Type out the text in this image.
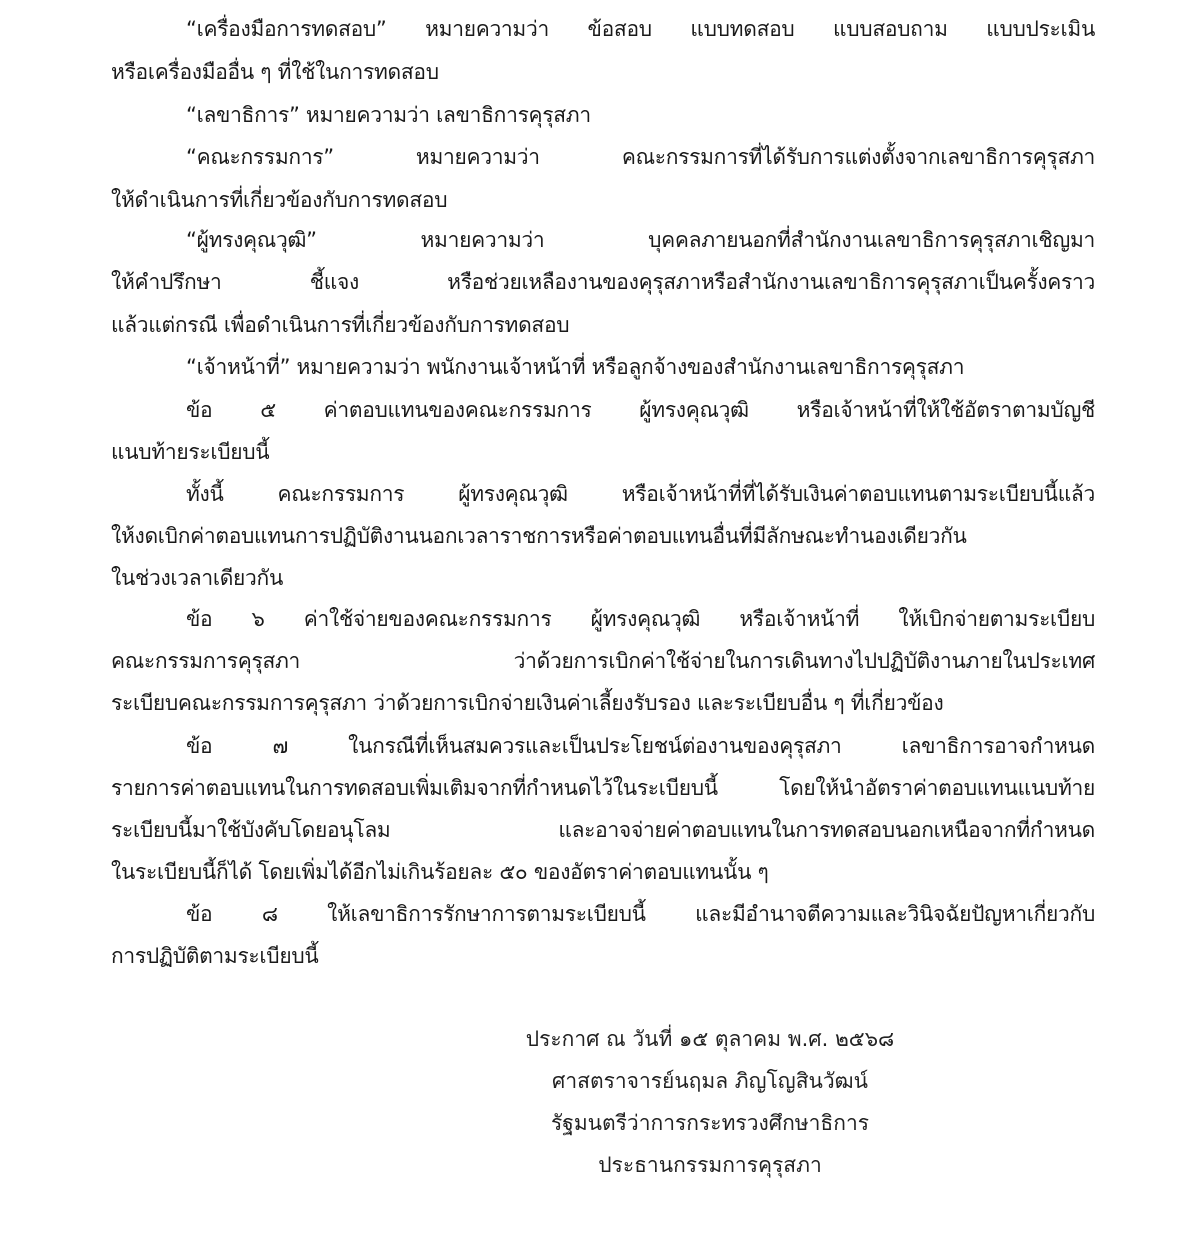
“เครื่องมือการทดสอบ” หมายความว่า ข้อสอบ แบบทดสอบ แบบสอบถาม แบบประเมิน
หรือเครื่องมืออื่น ๆ ที่ใช้ในการทดสอบ
“เลขาธิการ” หมายความว่า เลขาธิการคุรุสภา
“คณะกรรมการ” หมายความว่า คณะกรรมการที่ได้รับการแต่งตั้งจากเลขาธิการคุรุสภา
ให้ดำเนินการที่เกี่ยวข้องกับการทดสอบ
“ผู้ทรงคุณวุฒิ” หมายความว่า บุคคลภายนอกที่สำนักงานเลขาธิการคุรุสภาเชิญมา
ให้คำปรึกษา ชี้แจง หรือช่วยเหลืองานของคุรุสภาหรือสำนักงานเลขาธิการคุรุสภาเป็นครั้งคราว
แล้วแต่กรณี เพื่อดำเนินการที่เกี่ยวข้องกับการทดสอบ
“เจ้าหน้าที่” หมายความว่า พนักงานเจ้าหน้าที่ หรือลูกจ้างของสำนักงานเลขาธิการคุรุสภา
ข้อ ๕ ค่าตอบแทนของคณะกรรมการ ผู้ทรงคุณวุฒิ หรือเจ้าหน้าที่ให้ใช้อัตราตามบัญชี
แนบท้ายระเบียบนี้
ทั้งนี้ คณะกรรมการ ผู้ทรงคุณวุฒิ หรือเจ้าหน้าที่ที่ได้รับเงินค่าตอบแทนตามระเบียบนี้แล้ว
ให้งดเบิกค่าตอบแทนการปฏิบัติงานนอกเวลาราชการหรือค่าตอบแทนอื่นที่มีลักษณะทำนองเดียวกัน
ในช่วงเวลาเดียวกัน
ข้อ ๖ ค่าใช้จ่ายของคณะกรรมการ ผู้ทรงคุณวุฒิ หรือเจ้าหน้าที่ ให้เบิกจ่ายตามระเบียบ
คณะกรรมการคุรุสภา ว่าด้วยการเบิกค่าใช้จ่ายในการเดินทางไปปฏิบัติงานภายในประเทศ
ระเบียบคณะกรรมการคุรุสภา ว่าด้วยการเบิกจ่ายเงินค่าเลี้ยงรับรอง และระเบียบอื่น ๆ ที่เกี่ยวข้อง
ข้อ ๗ ในกรณีที่เห็นสมควรและเป็นประโยชน์ต่องานของคุรุสภา เลขาธิการอาจกำหนด
รายการค่าตอบแทนในการทดสอบเพิ่มเติมจากที่กำหนดไว้ในระเบียบนี้ โดยให้นำอัตราค่าตอบแทนแนบท้าย
ระเบียบนี้มาใช้บังคับโดยอนุโลม และอาจจ่ายค่าตอบแทนในการทดสอบนอกเหนือจากที่กำหนด
ในระเบียบนี้ก็ได้ โดยเพิ่มได้อีกไม่เกินร้อยละ ๕๐ ของอัตราค่าตอบแทนนั้น ๆ
ข้อ ๘ ให้เลขาธิการรักษาการตามระเบียบนี้ และมีอำนาจตีความและวินิจฉัยปัญหาเกี่ยวกับ
การปฏิบัติตามระเบียบนี้
ประกาศ ณ วันที่ ๑๕ ตุลาคม พ.ศ. ๒๕๖๘
ศาสตราจารย์นฤมล ภิญโญสินวัฒน์
รัฐมนตรีว่าการกระทรวงศึกษาธิการ
ประธานกรรมการคุรุสภา
